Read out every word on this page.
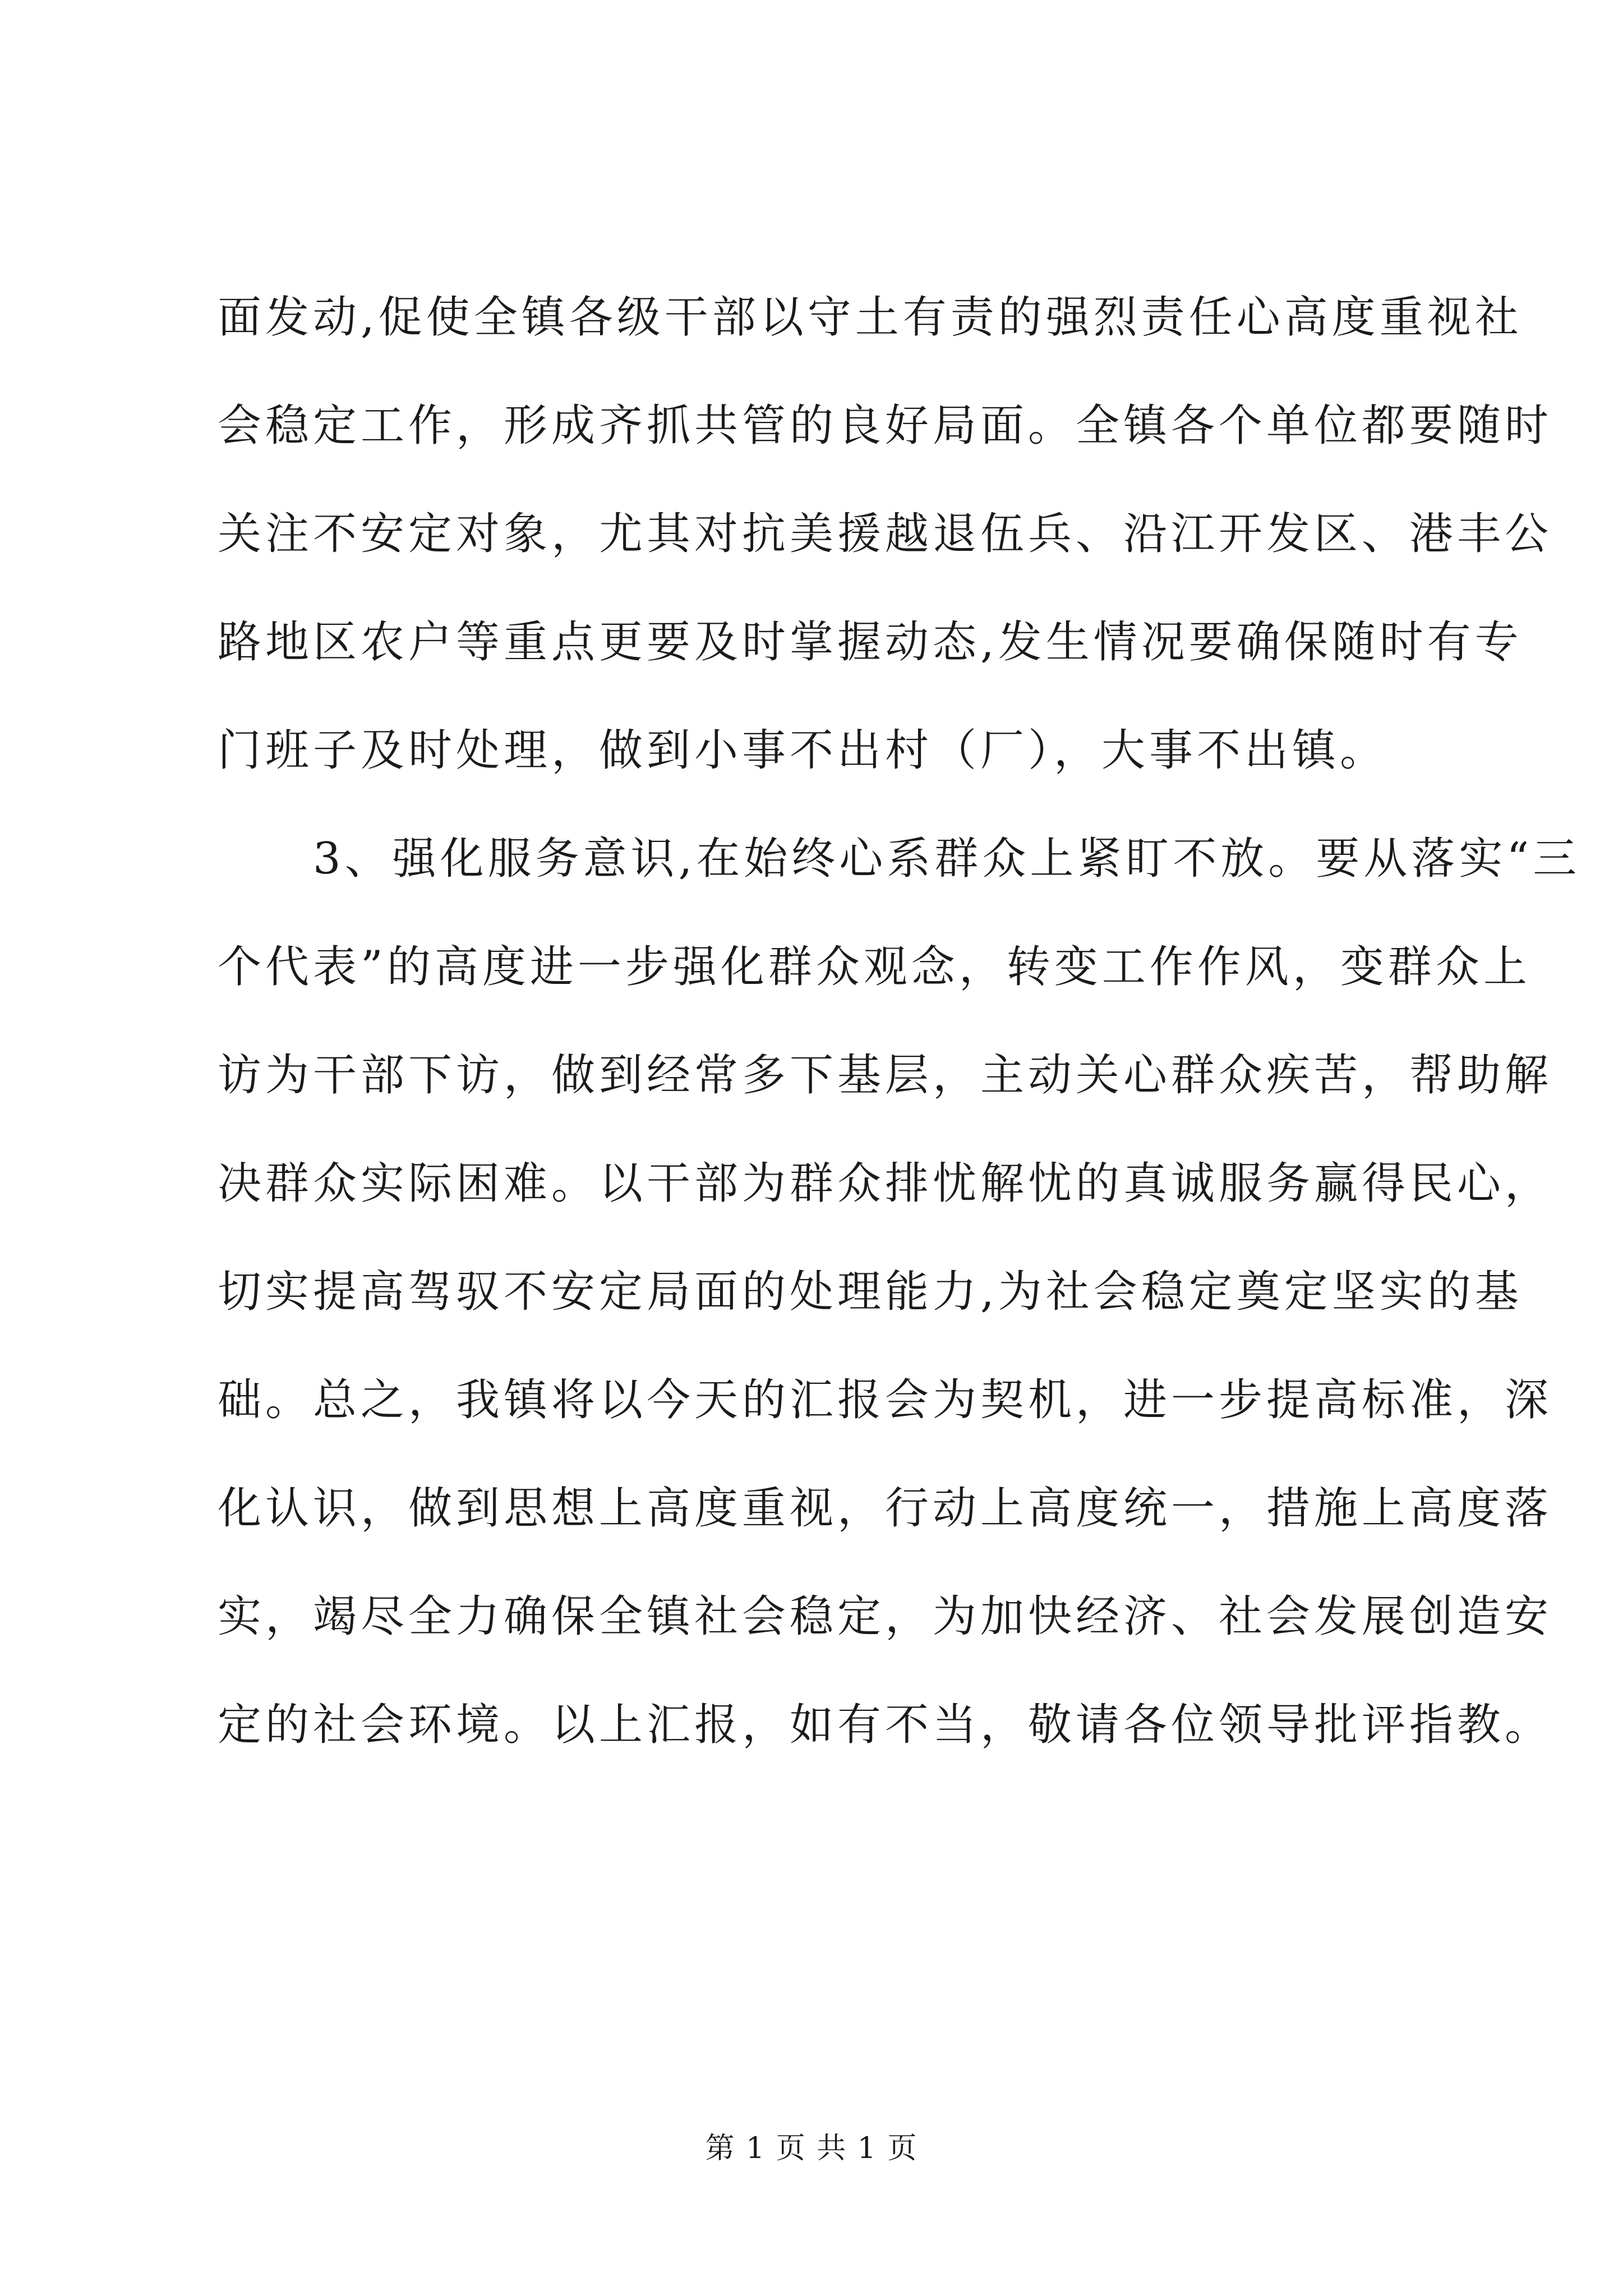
面发动,促使全镇各级干部以守土有责的强烈责任心高度重视社
会稳定工作，形成齐抓共管的良好局面。全镇各个单位都要随时
关注不安定对象，尤其对抗美援越退伍兵、沿江开发区、港丰公
路地区农户等重点更要及时掌握动态,发生情况要确保随时有专
门班子及时处理，做到小事不出村（厂），大事不出镇。
　　3、强化服务意识,在始终心系群众上紧盯不放。要从落实“三
个代表”的高度进一步强化群众观念，转变工作作风，变群众上
访为干部下访，做到经常多下基层，主动关心群众疾苦，帮助解
决群众实际困难。以干部为群众排忧解忧的真诚服务赢得民心，
切实提高驾驭不安定局面的处理能力,为社会稳定奠定坚实的基
础。总之，我镇将以今天的汇报会为契机，进一步提高标准，深
化认识，做到思想上高度重视，行动上高度统一，措施上高度落
实，竭尽全力确保全镇社会稳定，为加快经济、社会发展创造安
定的社会环境。以上汇报，如有不当，敬请各位领导批评指教。
第 1 页 共 1 页
